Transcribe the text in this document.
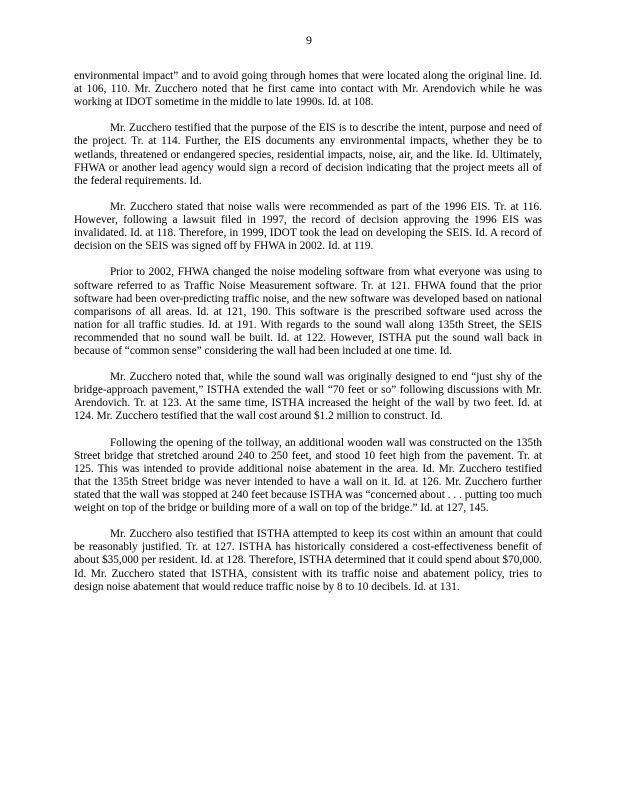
9

environmental impact” and to avoid going through homes that were located along the original line. Id. at 106, 110. Mr. Zucchero noted that he first came into contact with Mr. Arendovich while he was working at IDOT sometime in the middle to late 1990s. Id. at 108.

Mr. Zucchero testified that the purpose of the EIS is to describe the intent, purpose and need of the project. Tr. at 114. Further, the EIS documents any environmental impacts, whether they be to wetlands, threatened or endangered species, residential impacts, noise, air, and the like. Id. Ultimately, FHWA or another lead agency would sign a record of decision indicating that the project meets all of the federal requirements. Id.

Mr. Zucchero stated that noise walls were recommended as part of the 1996 EIS. Tr. at 116. However, following a lawsuit filed in 1997, the record of decision approving the 1996 EIS was invalidated. Id. at 118. Therefore, in 1999, IDOT took the lead on developing the SEIS. Id. A record of decision on the SEIS was signed off by FHWA in 2002. Id. at 119.

Prior to 2002, FHWA changed the noise modeling software from what everyone was using to software referred to as Traffic Noise Measurement software. Tr. at 121. FHWA found that the prior software had been over-predicting traffic noise, and the new software was developed based on national comparisons of all areas. Id. at 121, 190. This software is the prescribed software used across the nation for all traffic studies. Id. at 191. With regards to the sound wall along 135th Street, the SEIS recommended that no sound wall be built. Id. at 122. However, ISTHA put the sound wall back in because of “common sense” considering the wall had been included at one time. Id.

Mr. Zucchero noted that, while the sound wall was originally designed to end “just shy of the bridge-approach pavement,” ISTHA extended the wall “70 feet or so” following discussions with Mr. Arendovich. Tr. at 123. At the same time, ISTHA increased the height of the wall by two feet. Id. at 124. Mr. Zucchero testified that the wall cost around $1.2 million to construct. Id.

Following the opening of the tollway, an additional wooden wall was constructed on the 135th Street bridge that stretched around 240 to 250 feet, and stood 10 feet high from the pavement. Tr. at 125. This was intended to provide additional noise abatement in the area. Id. Mr. Zucchero testified that the 135th Street bridge was never intended to have a wall on it. Id. at 126. Mr. Zucchero further stated that the wall was stopped at 240 feet because ISTHA was “concerned about . . . putting too much weight on top of the bridge or building more of a wall on top of the bridge.” Id. at 127, 145.

Mr. Zucchero also testified that ISTHA attempted to keep its cost within an amount that could be reasonably justified. Tr. at 127. ISTHA has historically considered a cost-effectiveness benefit of about $35,000 per resident. Id. at 128. Therefore, ISTHA determined that it could spend about $70,000. Id. Mr. Zucchero stated that ISTHA, consistent with its traffic noise and abatement policy, tries to design noise abatement that would reduce traffic noise by 8 to 10 decibels. Id. at 131.
